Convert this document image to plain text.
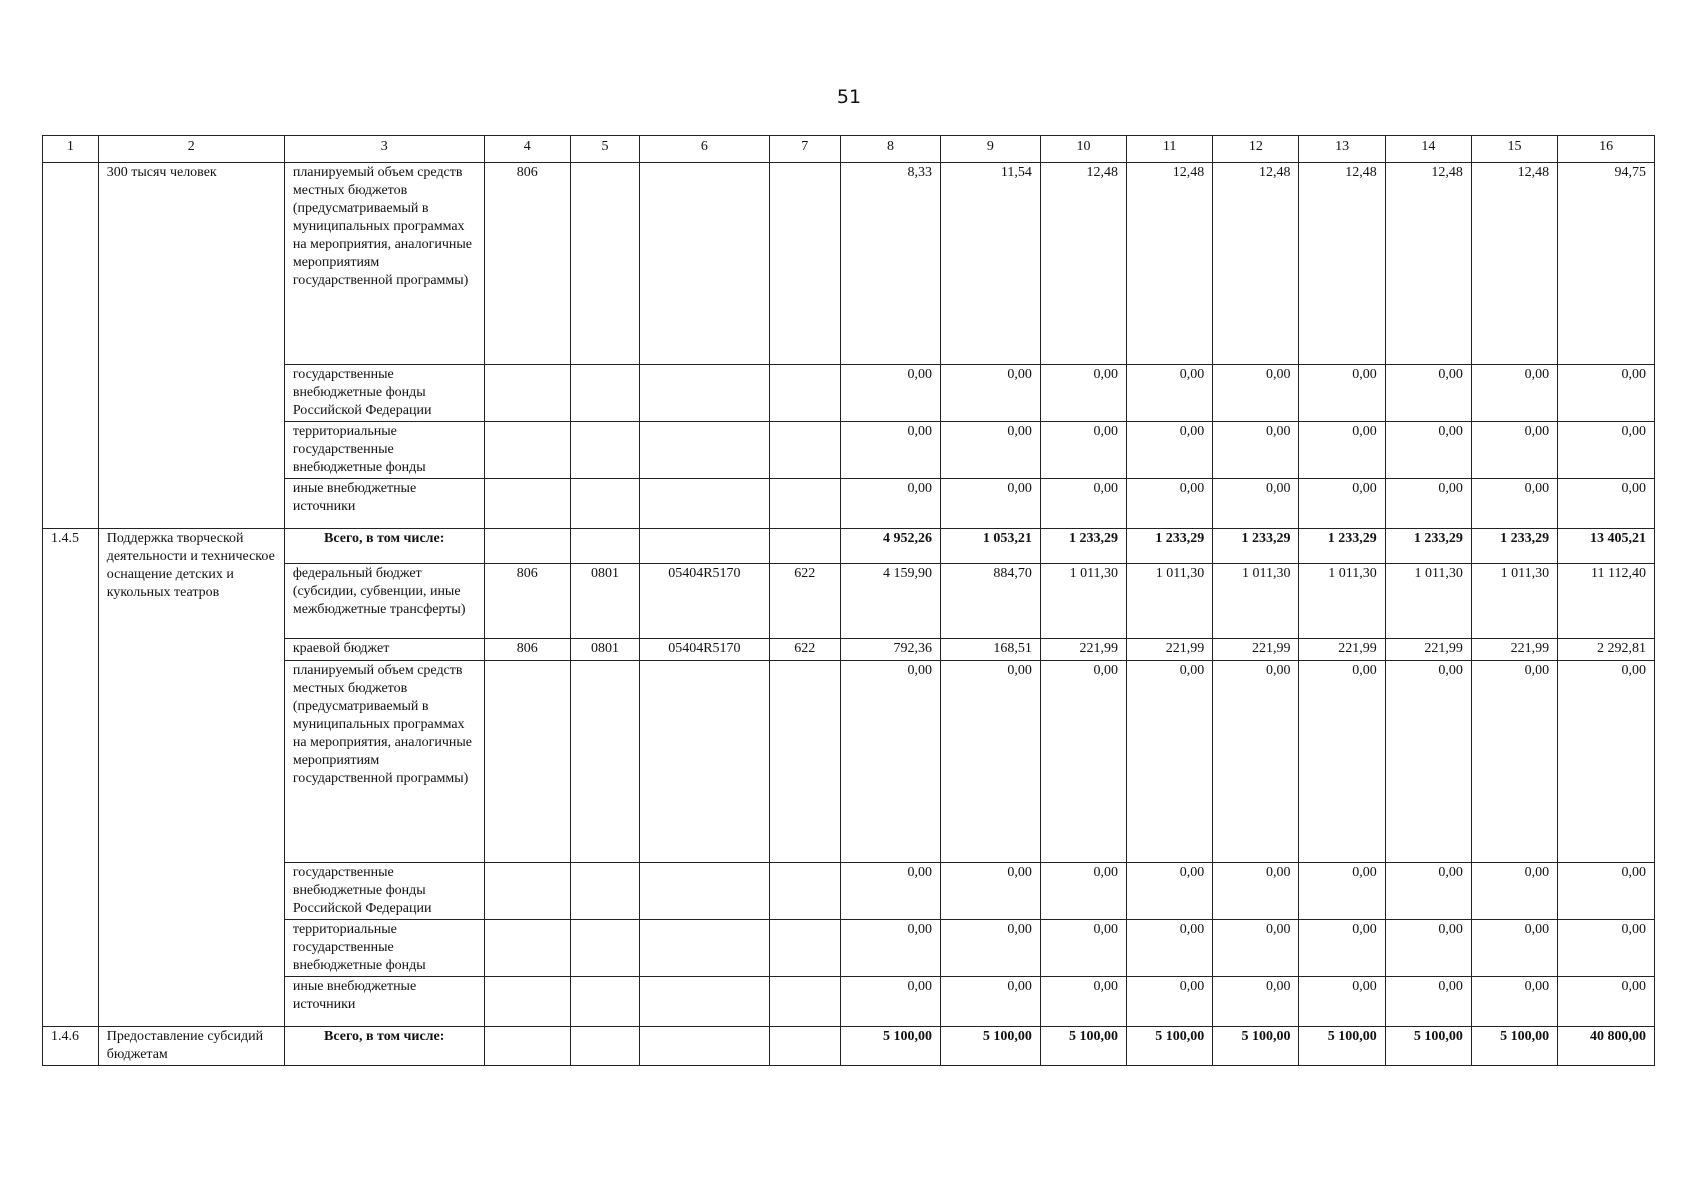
51
1	2	3	4	5	6	7	8	9	10	11	12	13	14	15	16
	300 тысяч человек	планируемый объем средств местных бюджетов (предусматриваемый в муниципальных программах на мероприятия, аналогичные мероприятиям государственной программы)	806				8,33	11,54	12,48	12,48	12,48	12,48	12,48	12,48	94,75
		государственные внебюджетные фонды Российской Федерации					0,00	0,00	0,00	0,00	0,00	0,00	0,00	0,00	0,00
		территориальные государственные внебюджетные фонды					0,00	0,00	0,00	0,00	0,00	0,00	0,00	0,00	0,00
		иные внебюджетные источники					0,00	0,00	0,00	0,00	0,00	0,00	0,00	0,00	0,00
1.4.5	Поддержка творческой деятельности и техническое оснащение детских и кукольных театров	Всего, в том числе:					4 952,26	1 053,21	1 233,29	1 233,29	1 233,29	1 233,29	1 233,29	1 233,29	13 405,21
		федеральный бюджет (субсидии, субвенции, иные межбюджетные трансферты)	806	0801	05404R5170	622	4 159,90	884,70	1 011,30	1 011,30	1 011,30	1 011,30	1 011,30	1 011,30	11 112,40
		краевой бюджет	806	0801	05404R5170	622	792,36	168,51	221,99	221,99	221,99	221,99	221,99	221,99	2 292,81
		планируемый объем средств местных бюджетов (предусматриваемый в муниципальных программах на мероприятия, аналогичные мероприятиям государственной программы)					0,00	0,00	0,00	0,00	0,00	0,00	0,00	0,00	0,00
		государственные внебюджетные фонды Российской Федерации					0,00	0,00	0,00	0,00	0,00	0,00	0,00	0,00	0,00
		территориальные государственные внебюджетные фонды					0,00	0,00	0,00	0,00	0,00	0,00	0,00	0,00	0,00
		иные внебюджетные источники					0,00	0,00	0,00	0,00	0,00	0,00	0,00	0,00	0,00
1.4.6	Предоставление субсидий бюджетам	Всего, в том числе:					5 100,00	5 100,00	5 100,00	5 100,00	5 100,00	5 100,00	5 100,00	5 100,00	40 800,00
